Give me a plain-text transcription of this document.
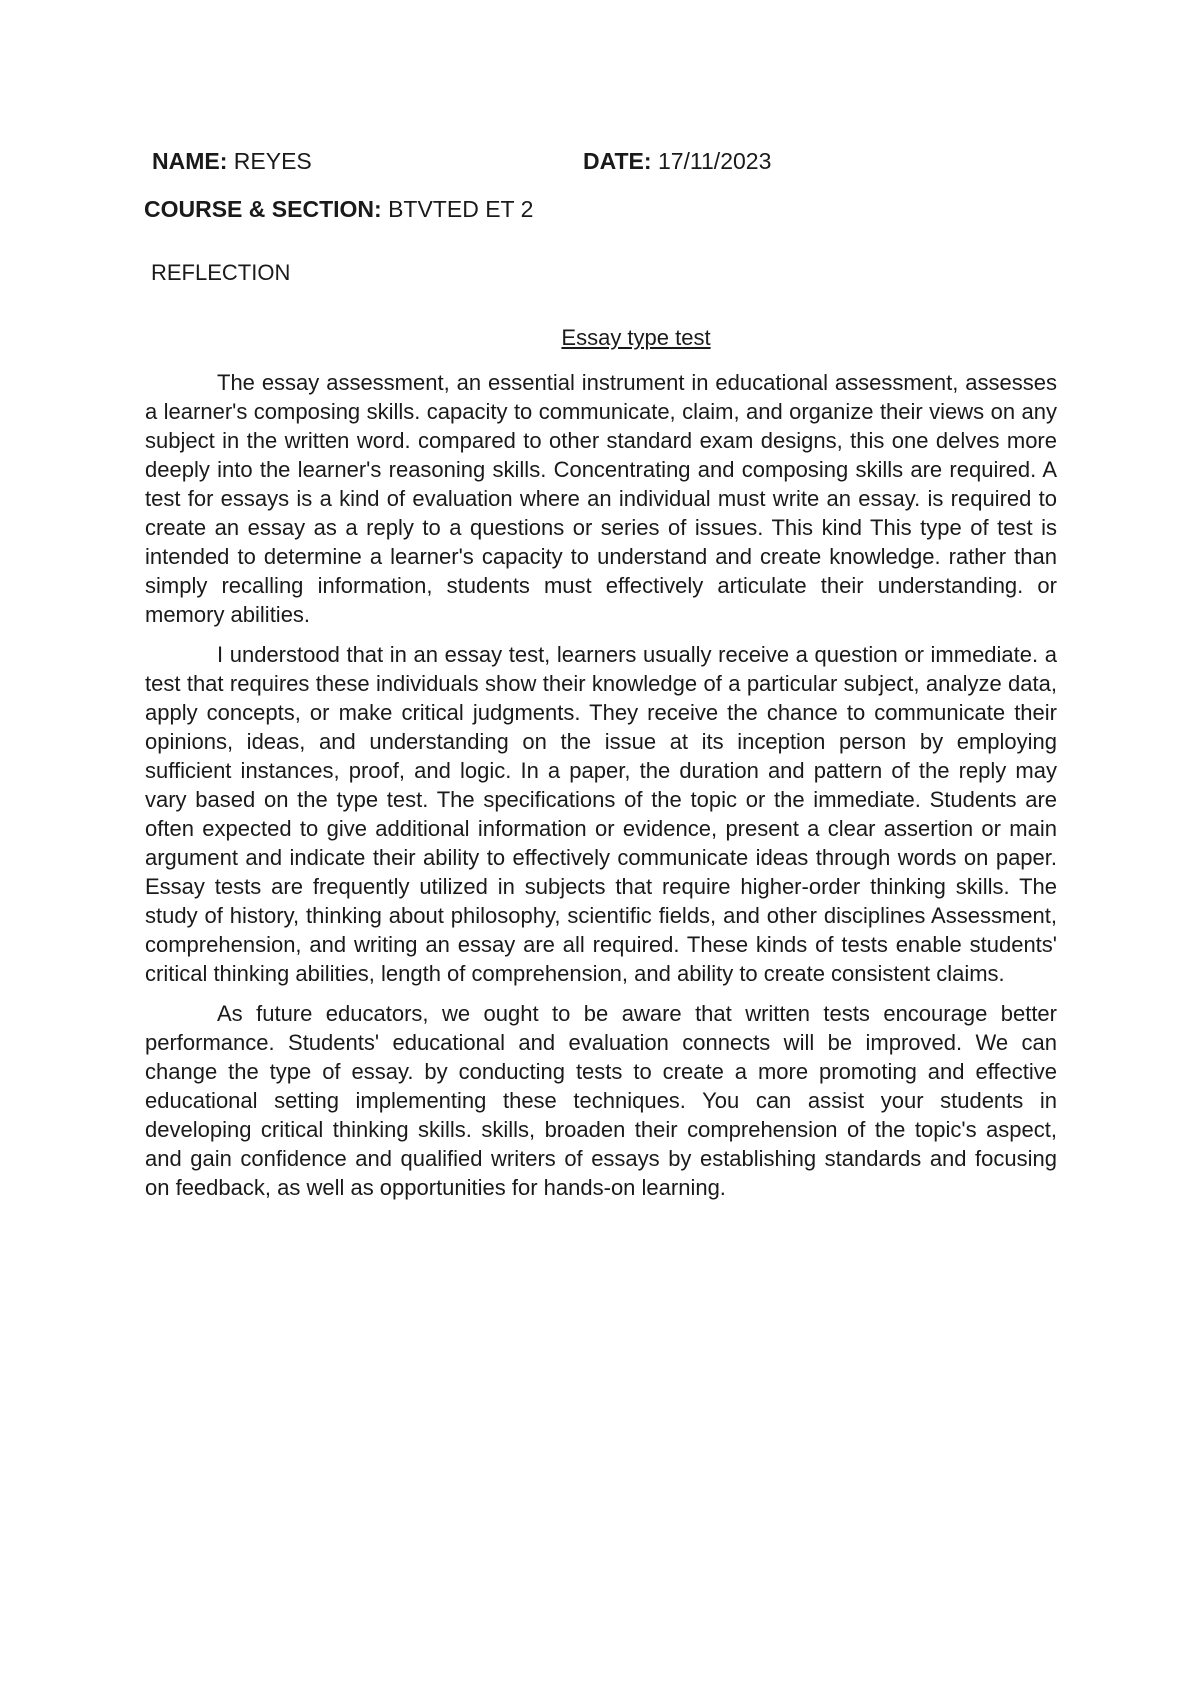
NAME: REYES	DATE: 17/11/2023
COURSE & SECTION: BTVTED ET 2
REFLECTION
Essay type test

The essay assessment, an essential instrument in educational assessment, assesses a learner's composing skills. capacity to communicate, claim, and organize their views on any subject in the written word. compared to other standard exam designs, this one delves more deeply into the learner's reasoning skills. Concentrating and composing skills are required. A test for essays is a kind of evaluation where an individual must write an essay. is required to create an essay as a reply to a questions or series of issues. This kind This type of test is intended to determine a learner's capacity to understand and create knowledge. rather than simply recalling information, students must effectively articulate their understanding. or memory abilities.

I understood that in an essay test, learners usually receive a question or immediate. a test that requires these individuals show their knowledge of a particular subject, analyze data, apply concepts, or make critical judgments. They receive the chance to communicate their opinions, ideas, and understanding on the issue at its inception person by employing sufficient instances, proof, and logic. In a paper, the duration and pattern of the reply may vary based on the type test. The specifications of the topic or the immediate. Students are often expected to give additional information or evidence, present a clear assertion or main argument and indicate their ability to effectively communicate ideas through words on paper. Essay tests are frequently utilized in subjects that require higher-order thinking skills. The study of history, thinking about philosophy, scientific fields, and other disciplines Assessment, comprehension, and writing an essay are all required. These kinds of tests enable students' critical thinking abilities, length of comprehension, and ability to create consistent claims.

As future educators, we ought to be aware that written tests encourage better performance. Students' educational and evaluation connects will be improved. We can change the type of essay. by conducting tests to create a more promoting and effective educational setting implementing these techniques. You can assist your students in developing critical thinking skills. skills, broaden their comprehension of the topic's aspect, and gain confidence and qualified writers of essays by establishing standards and focusing on feedback, as well as opportunities for hands-on learning.
